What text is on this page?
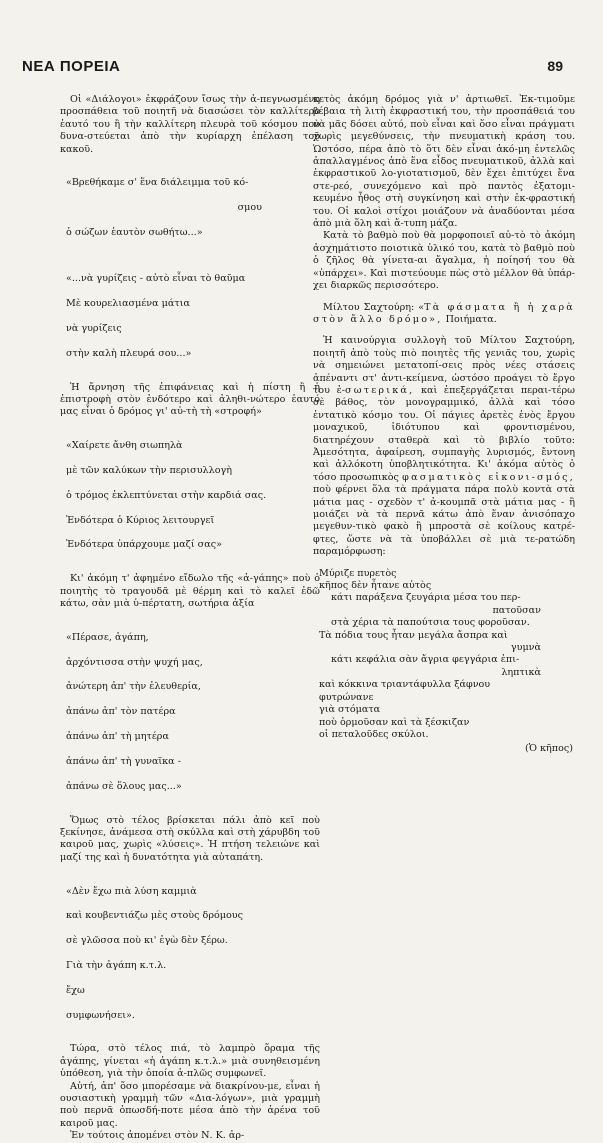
ΝΕΑ ΠΟΡΕΙΑ	89

Οἱ «Διάλογοι» ἐκφράζουν ἴσως τὴν ἀ-πεγνωσμένη προσπάθεια τοῦ ποιητῆ νὰ διασώσει τὸν καλλίτερο ἑαυτό του ἢ τὴν καλλίτερη πλευρὰ τοῦ κόσμου ποὺ δυνα-στεύεται ἀπὸ τὴν κυρίαρχη ἐπέλαση τοῦ κακοῦ.

«Βρεθήκαμε σ' ἕνα διάλειμμα τοῦ κό-

σμου

ὁ σώζων ἑαυτὸν σωθήτω...»

«...νὰ γυρίζεις - αὐτὸ εἶναι τὸ θαῦμα

Μὲ κουρελιασμένα μάτια

νὰ γυρίζεις

στὴν καλὴ πλευρά σου...»

Ἡ ἄρνηση τῆς ἐπιφάνειας καὶ ἡ πίστη ἢ ἡ ἐπιστροφὴ στὸν ἐνδότερο καὶ ἀληθι-νώτερο ἑαυτό μας εἶναι ὁ δρόμος γι' αὐ-τὴ τὴ «στροφή»

«Χαίρετε ἄνθη σιωπηλὰ

μὲ τῶν καλύκων τὴν περισυλλογὴ

ὁ τρόμος ἐκλεπτύνεται στὴν καρδιά σας.

Ἐνδότερα ὁ Κύριος λειτουργεῖ

Ἐνδότερα ὑπάρχουμε μαζί σας»

Κι' ἀκόμη τ' ἀφημένο εἴδωλο τῆς «ἀ-γάπης» ποὺ ὁ ποιητὴς τὸ τραγουδᾶ μὲ θέρμη καὶ τὸ καλεῖ ἐδῶ κάτω, σὰν μιὰ ὑ-πέρτατη, σωτήρια ἀξία

«Πέρασε, ἀγάπη,

ἀρχόντισσα στὴν ψυχή μας,

ἀνώτερη ἀπ' τὴν ἐλευθερία,

ἀπάνω ἀπ' τὸν πατέρα

ἀπάνω ἀπ' τὴ μητέρα

ἀπάνω ἀπ' τὴ γυναῖκα -

ἀπάνω σὲ ὅλους μας...»

Ὅμως στὸ τέλος βρίσκεται πάλι ἀπὸ κεῖ ποὺ ξεκίνησε, ἀνάμεσα στὴ σκύλλα καὶ στὴ χάρυβδη τοῦ καιροῦ μας, χωρὶς «λύσεις». Ἡ πτήση τελειώνε καὶ μαζί της καὶ ἡ δυνατότητα γιὰ αὐταπάτη.

«Δὲν ἔχω πιὰ λύση καμμιὰ

καὶ κουβεντιάζω μὲς στοὺς δρόμους

σὲ γλῶσσα ποὺ κι' ἐγὼ δὲν ξέρω.

Γιὰ τὴν ἀγάπη κ.τ.λ.

ἔχω

συμφωνήσει».

Τώρα, στὸ τέλος πιά, τὸ λαμπρὸ ὅραμα τῆς ἀγάπης, γίνεται «ἡ ἀγάπη κ.τ.λ.» μιὰ συνηθεισμένη ὑπόθεση, γιὰ τὴν ὁποία ἁ-πλῶς συμφωνεῖ.

Αὐτή, ἀπ' ὅσο μπορέσαμε νὰ διακρίνου-με, εἶναι ἡ ουσιαστικὴ γραμμὴ τῶν «Δια-λόγων», μιὰ γραμμὴ ποὺ περνᾶ ὁπωσδή-ποτε μέσα ἀπὸ τὴν ἀρένα τοῦ καιροῦ μας.

Ἐν τούτοις ἀπομένει στὸν Ν. Κ. ἀρ-

κετὸς ἀκόμη δρόμος γιὰ ν' ἀρτιωθεῖ. Ἐκ-τιμοῦμε βέβαια τὴ λιτὴ ἐκφραστική του, τὴν προσπάθειά του νὰ μᾶς δόσει αὐτό, ποὺ εἶναι καὶ ὅσο εἶναι πράγματι χωρὶς μεγεθύνσεις, τὴν πνευματικὴ κράση του. Ὡστόσο, πέρα ἀπὸ τὸ ὅτι δὲν εἶναι ἀκό-μη ἐντελῶς ἀπαλλαγμένος ἀπὸ ἕνα εἶδος πνευματικοῦ, ἀλλὰ καὶ ἐκφραστικοῦ λο-γιοτατισμοῦ, δὲν ἔχει ἐπιτύχει ἕνα στε-ρεό, συνεχόμενο καὶ πρὸ παντὸς ἐξατομι-κευμένο ἦθος στὴ συγκίνηση καὶ στὴν ἐκ-φραστική του. Οἱ καλοὶ στίχοι μοιάζουν νὰ ἀναδύονται μέσα ἀπὸ μιὰ ὅλη καὶ ἄ-τυπη μάζα.

Κατὰ τὸ βαθμὸ ποὺ θὰ μορφοποιεῖ αὐ-τὸ τὸ ἀκόμη ἀσχημάτιστο ποιοτικὰ ὑλικό του, κατὰ τὸ βαθμὸ ποὺ ὁ ζῆλος θὰ γίνετα-αι ἄγαλμα, ἡ ποίησή του θὰ «ὑπάρχει». Καὶ πιστεύουμε πὼς στὸ μέλλον θὰ ὑπάρ-χει διαρκῶς περισσότερο.

Μίλτου Σαχτούρη: «Τὰ φάσματα ἢ ἡ χαρὰ στὸν ἄλλο δρόμο», Ποιήματα.

Ἡ καινούργια συλλογὴ τοῦ Μίλτου Σαχτούρη, ποιητῆ ἀπὸ τοὺς πιὸ ποιητὲς τῆς γενιᾶς του, χωρὶς νὰ σημειώνει μετατοπί-σεις πρὸς νέες στάσεις ἀπέναντι στ' ἀντι-κείμενα, ὡστόσο προάγει τὸ ἔργο του ἐ-σωτερικά, καὶ ἐπεξεργάζεται περαι-τέρω σὲ βάθος, τὸν μονογραμμικό, ἀλλὰ καὶ τόσο ἐντατικὸ κόσμο του. Οἱ πάγιες ἀρετὲς ἑνὸς ἔργου μοναχικοῦ, ἰδιότυπου καὶ φροντισμένου, διατηρέχουν σταθερὰ καὶ τὸ βιβλίο τοῦτο: Ἀμεσότητα, ἀφαίρεση, συμπαγὴς λυρισμός, ἔντονη καὶ ἀλλόκοτη ὑποβλητικότητα. Κι' ἀκόμα αὐτὸς ὁ τόσο προσωπικὸς φασματικὸς εἰκονι-σμός, ποὺ φέρνει ὅλα τὰ πράγματα πάρα πολὺ κοντὰ στὰ μάτια μας - σχεδὸν τ' ἀ-κουμπᾶ στὰ μάτια μας - ἢ μοιάζει νὰ τὰ περνᾶ κάτω ἀπὸ ἕναν ἀνισόπαχο μεγεθυν-τικὸ φακὸ ἢ μπροστὰ σὲ κοίλους κατρέ-φτες, ὥστε νὰ τὰ ὑποβάλλει σὲ μιὰ τε-ρατώδη παραμόρφωση:

Μύριζε πυρετὸς
κῆπος δὲν ἦτανε αὐτὸς
κάτι παράξενα ζευγάρια μέσα του περ-
πατοῦσαν
στὰ χέρια τὰ παπούτσια τους φοροῦσαν.
Τὰ πόδια τους ἦταν μεγάλα ἄσπρα καὶ
γυμνὰ
κάτι κεφάλια σὰν ἄγρια φεγγάρια ἐπι-
ληπτικὰ
καὶ κόκκινα τριαντάφυλλα ξάφνου
φυτρώνανε
γιὰ στόματα
ποὺ ὁρμοῦσαν καὶ τὰ ξέσκιζαν
οἱ πεταλοῦδες σκύλοι.
(Ὁ κῆπος)
